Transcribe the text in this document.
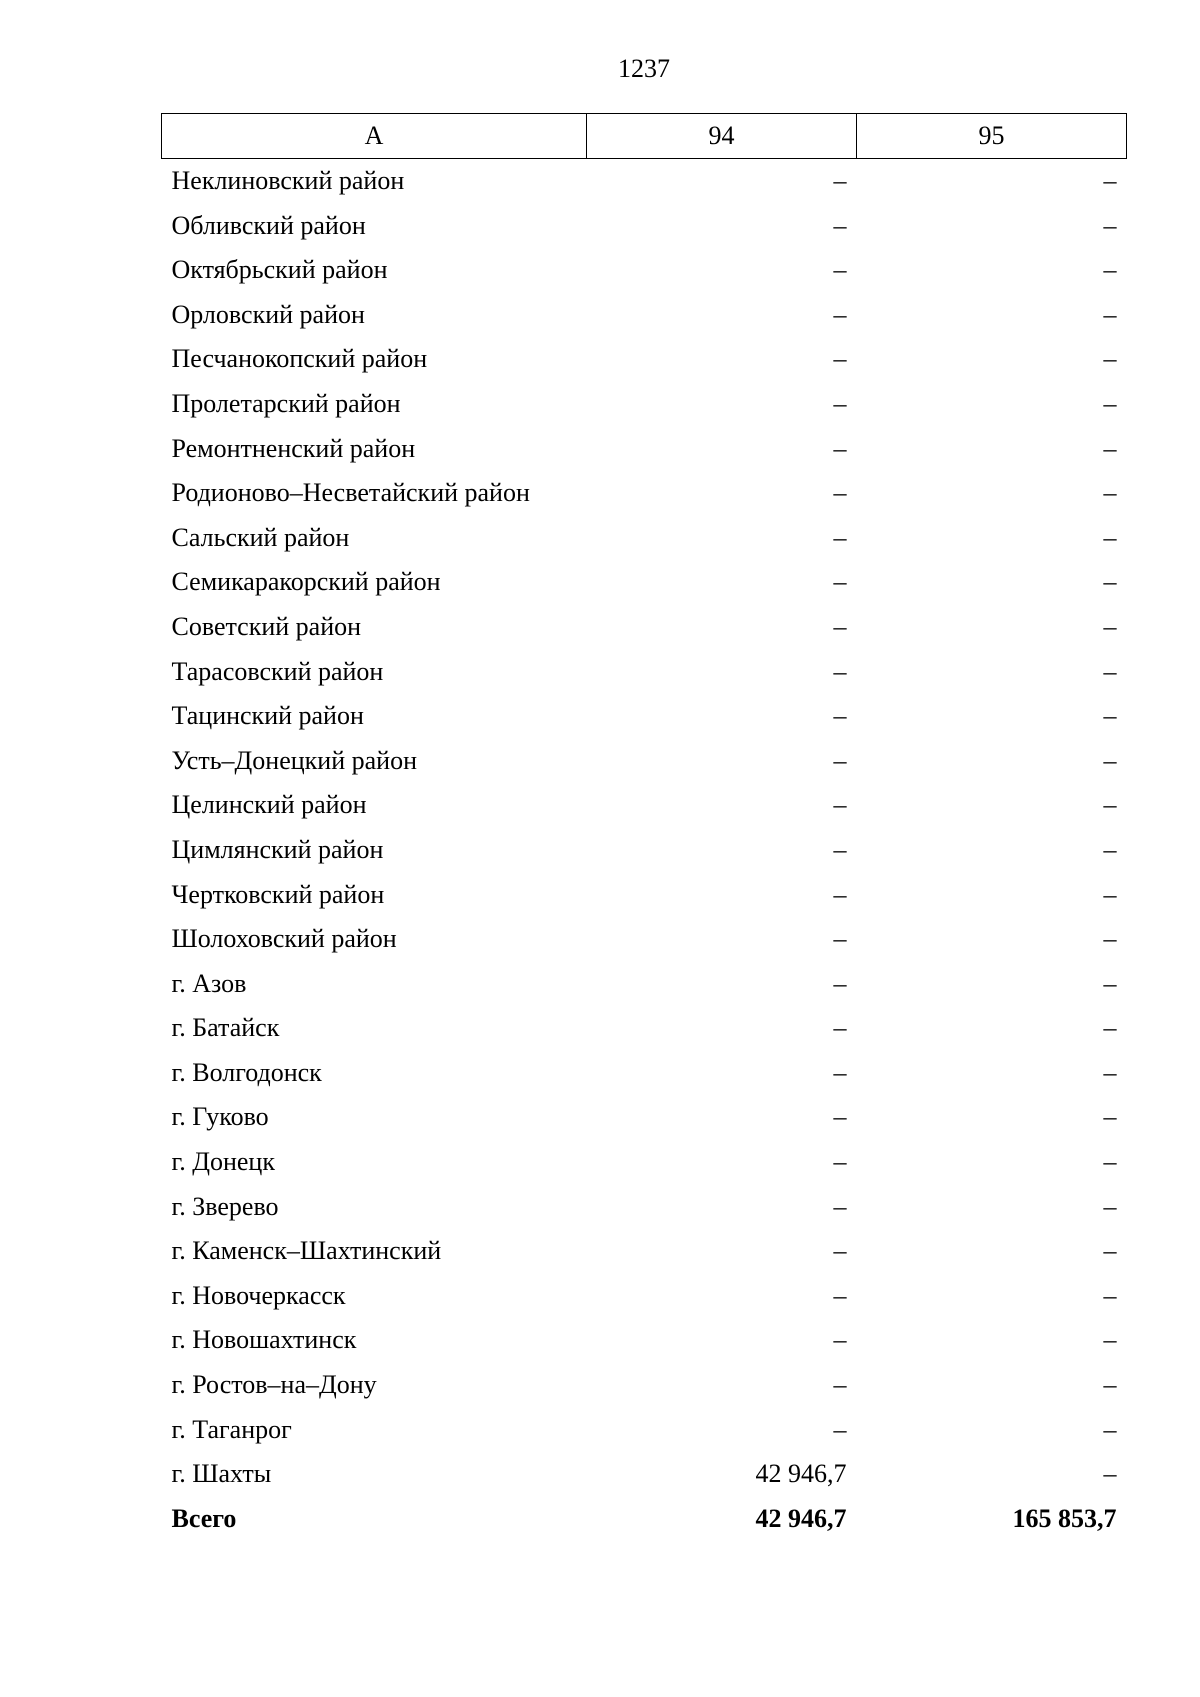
1237
А	94	95
Неклиновский район	–	–
Обливский район	–	–
Октябрьский район	–	–
Орловский район	–	–
Песчанокопский район	–	–
Пролетарский район	–	–
Ремонтненский район	–	–
Родионово–Несветайский район	–	–
Сальский район	–	–
Семикаракорский район	–	–
Советский район	–	–
Тарасовский район	–	–
Тацинский район	–	–
Усть–Донецкий район	–	–
Целинский район	–	–
Цимлянский район	–	–
Чертковский район	–	–
Шолоховский район	–	–
г. Азов	–	–
г. Батайск	–	–
г. Волгодонск	–	–
г. Гуково	–	–
г. Донецк	–	–
г. Зверево	–	–
г. Каменск–Шахтинский	–	–
г. Новочеркасск	–	–
г. Новошахтинск	–	–
г. Ростов–на–Дону	–	–
г. Таганрог	–	–
г. Шахты	42 946,7	–
Всего	42 946,7	165 853,7
